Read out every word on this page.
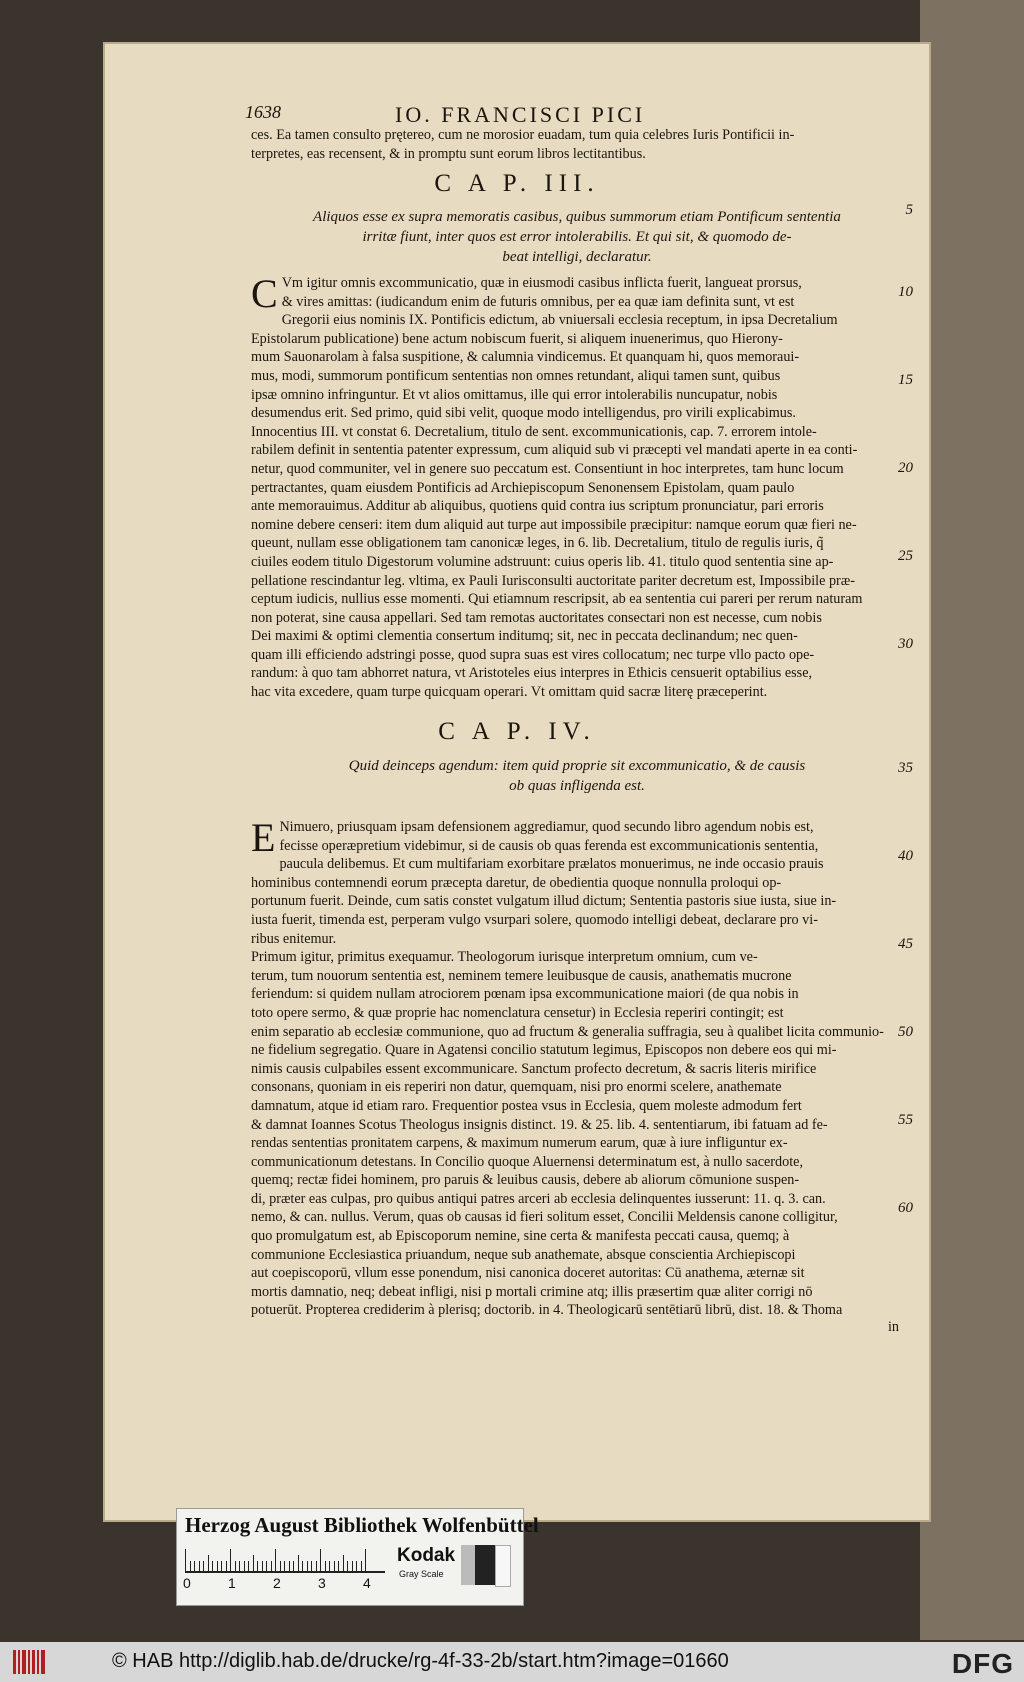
1638	IO. FRANCISCI PICI
ces. Ea tamen consulto prętereo, cum ne morosior euadam, tum quia celebres Iuris Pontificii in-
terpretes, eas recensent, & in promptu sunt eorum libros lectitantibus.
C A P. III.
Aliquos esse ex supra memoratis casibus, quibus summorum etiam Pontificum sententia
irritæ fiunt, inter quos est error intolerabilis. Et qui sit, & quomodo de-
beat intelligi, declaratur.
C Vm igitur omnis excommunicatio, quæ in eiusmodi casibus inflicta fuerit, langueat prorsus,
& vires amittas: (iudicandum enim de futuris omnibus, per ea quæ iam definita sunt, vt est
Gregorii eius nominis IX. Pontificis edictum, ab vniuersali ecclesia receptum, in ipsa Decretalium
Epistolarum publicatione) bene actum nobiscum fuerit, si aliquem inuenerimus, quo Hierony-
mum Sauonarolam à falsa suspitione, & calumnia vindicemus. Et quanquam hi, quos memoraui-
mus, modi, summorum pontificum sententias non omnes retundant, aliqui tamen sunt, quibus
ipsæ omnino infringuntur. Et vt alios omittamus, ille qui error intolerabilis nuncupatur, nobis
desumendus erit. Sed primo, quid sibi velit, quoque modo intelligendus, pro virili explicabimus.
Innocentius III. vt constat 6. Decretalium, titulo de sent. excommunicationis, cap. 7. errorem intole-
rabilem definit in sententia patenter expressum, cum aliquid sub vi præcepti vel mandati aperte in ea conti-
netur, quod communiter, vel in genere suo peccatum est. Consentiunt in hoc interpretes, tam hunc locum
pertractantes, quam eiusdem Pontificis ad Archiepiscopum Senonensem Epistolam, quam paulo
ante memorauimus. Additur ab aliquibus, quotiens quid contra ius scriptum pronunciatur, pari erroris
nomine debere censeri: item dum aliquid aut turpe aut impossibile præcipitur: namque eorum quæ fieri ne-
queunt, nullam esse obligationem tam canonicæ leges, in 6. lib. Decretalium, titulo de regulis iuris, q̃
ciuiles eodem titulo Digestorum volumine adstruunt: cuius operis lib. 41. titulo quod sententia sine ap-
pellatione rescindantur leg. vltima, ex Pauli Iurisconsulti auctoritate pariter decretum est, Impossibile præ-
ceptum iudicis, nullius esse momenti. Qui etiamnum rescripsit, ab ea sententia cui pareri per rerum naturam
non poterat, sine causa appellari. Sed tam remotas auctoritates consectari non est necesse, cum nobis
Dei maximi & optimi clementia consertum inditumq; sit, nec in peccata declinandum; nec quen-
quam illi efficiendo adstringi posse, quod supra suas est vires collocatum; nec turpe vllo pacto ope-
randum: à quo tam abhorret natura, vt Aristoteles eius interpres in Ethicis censuerit optabilius esse,
hac vita excedere, quam turpe quicquam operari. Vt omittam quid sacræ literę præceperint.
C A P. IV.
Quid deinceps agendum: item quid proprie sit excommunicatio, & de causis
ob quas infligenda est.
E Nimuero, priusquam ipsam defensionem aggrediamur, quod secundo libro agendum nobis est,
fecisse operæpretium videbimur, si de causis ob quas ferenda est excommunicationis sententia,
paucula delibemus. Et cum multifariam exorbitare prælatos monuerimus, ne inde occasio prauis
hominibus contemnendi eorum præcepta daretur, de obedientia quoque nonnulla proloqui op-
portunum fuerit. Deinde, cum satis constet vulgatum illud dictum; Sententia pastoris siue iusta, siue in-
iusta fuerit, timenda est, perperam vulgo vsurpari solere, quomodo intelligi debeat, declarare pro vi-
ribus enitemur.
Primum igitur, primitus exequamur. Theologorum iurisque interpretum omnium, cum ve-
terum, tum nouorum sententia est, neminem temere leuibusque de causis, anathematis mucrone
feriendum: si quidem nullam atrociorem pœnam ipsa excommunicatione maiori (de qua nobis in
toto opere sermo, & quæ proprie hac nomenclatura censetur) in Ecclesia reperiri contingit; est
enim separatio ab ecclesiæ communione, quo ad fructum & generalia suffragia, seu à qualibet licita communio-
ne fidelium segregatio. Quare in Agatensi concilio statutum legimus, Episcopos non debere eos qui mi-
nimis causis culpabiles essent excommunicare. Sanctum profecto decretum, & sacris literis mirifice
consonans, quoniam in eis reperiri non datur, quemquam, nisi pro enormi scelere, anathemate
damnatum, atque id etiam raro. Frequentior postea vsus in Ecclesia, quem moleste admodum fert
& damnat Ioannes Scotus Theologus insignis distinct. 19. & 25. lib. 4. sententiarum, ibi fatuam ad fe-
rendas sententias pronitatem carpens, & maximum numerum earum, quæ à iure infliguntur ex-
communicationum detestans. In Concilio quoque Aluernensi determinatum est, à nullo sacerdote,
quemq; rectæ fidei hominem, pro paruis & leuibus causis, debere ab aliorum cōmunione suspen-
di, præter eas culpas, pro quibus antiqui patres arceri ab ecclesia delinquentes iusserunt: 11. q. 3. can.
nemo, & can. nullus. Verum, quas ob causas id fieri solitum esset, Concilii Meldensis canone colligitur,
quo promulgatum est, ab Episcoporum nemine, sine certa & manifesta peccati causa, quemq; à
communione Ecclesiastica priuandum, neque sub anathemate, absque conscientia Archiepiscopi
aut coepiscoporū, vllum esse ponendum, nisi canonica doceret autoritas: Cū anathema, æternæ sit
mortis damnatio, neq; debeat infligi, nisi p mortali crimine atq; illis præsertim quæ aliter corrigi nō
potuerūt. Propterea crediderim à plerisq; doctorib. in 4. Theologicarū sentētiarū librū, dist. 18. & Thoma
in
5
10
15
20
25
30
35
40
45
50
55
60
Herzog August Bibliothek Wolfenbüttel
0	1	2	3	4
Kodak
Gray Scale
© HAB http://diglib.hab.de/drucke/rg-4f-33-2b/start.htm?image=01660	DFG
